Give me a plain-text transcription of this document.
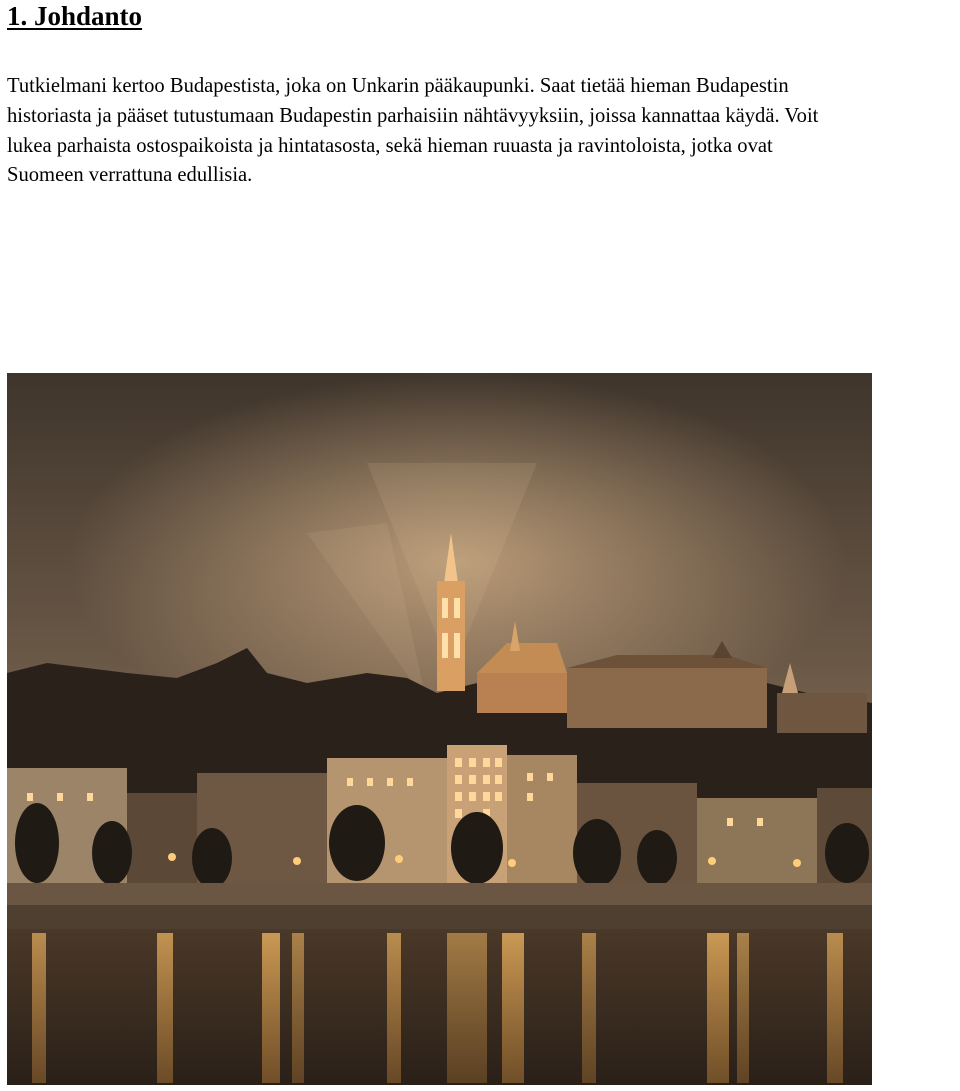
1. Johdanto

Tutkielmani kertoo Budapestista, joka on Unkarin pääkaupunki. Saat tietää hieman Budapestin
historiasta ja pääset tutustumaan Budapestin parhaisiin nähtävyyksiin, joissa kannattaa käydä. Voit
lukea parhaista ostospaikoista ja hintatasosta, sekä hieman ruuasta ja ravintoloista, jotka ovat
Suomeen verrattuna edullisia.
